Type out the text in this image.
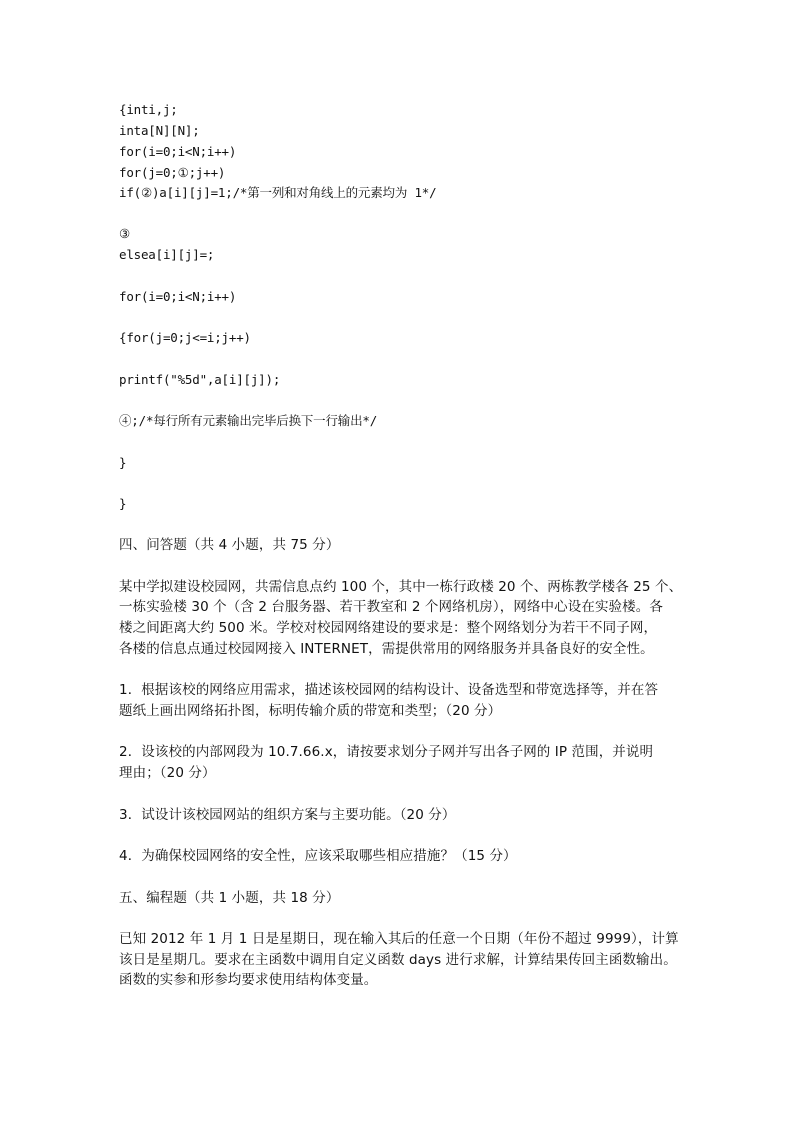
{inti,j;
inta[N][N];
for(i=0;i<N;i++)
for(j=0;①;j++)
if(②)a[i][j]=1;/*第一列和对角线上的元素均为 1*/
③
elsea[i][j]=;
for(i=0;i<N;i++)
{for(j=0;j<=i;j++)
printf("%5d",a[i][j]);
④;/*每行所有元素输出完毕后换下一行输出*/
}
}
四、问答题（共 4 小题，共 75 分）
某中学拟建设校园网，共需信息点约 100 个，其中一栋行政楼 20 个、两栋教学楼各 25 个、
一栋实验楼 30 个（含 2 台服务器、若干教室和 2 个网络机房），网络中心设在实验楼。各
楼之间距离大约 500 米。学校对校园网络建设的要求是：整个网络划分为若干不同子网，
各楼的信息点通过校园网接入 INTERNET，需提供常用的网络服务并具备良好的安全性。
1．根据该校的网络应用需求，描述该校园网的结构设计、设备选型和带宽选择等，并在答
题纸上画出网络拓扑图，标明传输介质的带宽和类型；（20 分）
2．设该校的内部网段为 10.7.66.x，请按要求划分子网并写出各子网的 IP 范围，并说明
理由；（20 分）
3．试设计该校园网站的组织方案与主要功能。（20 分）
4．为确保校园网络的安全性，应该采取哪些相应措施？（15 分）
五、编程题（共 1 小题，共 18 分）
已知 2012 年 1 月 1 日是星期日，现在输入其后的任意一个日期（年份不超过 9999），计算
该日是星期几。要求在主函数中调用自定义函数 days 进行求解，计算结果传回主函数输出。
函数的实参和形参均要求使用结构体变量。
